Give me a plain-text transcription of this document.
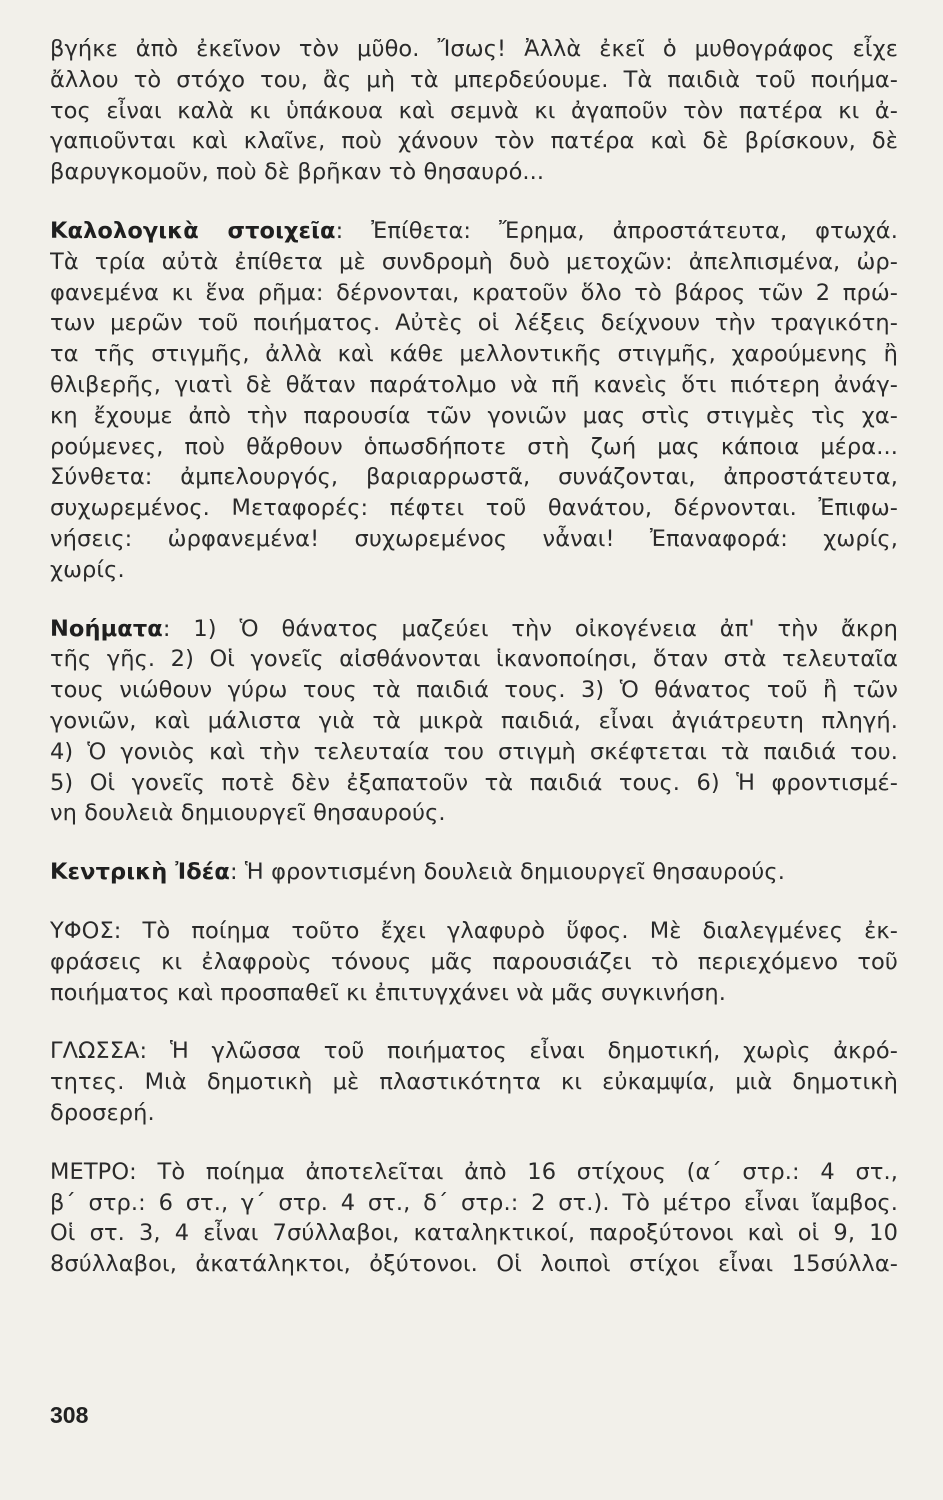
βγήκε ἀπὸ ἐκεῖνον τὸν μῦθο. Ἴσως! Ἀλλὰ ἐκεῖ ὁ μυθογράφος εἶχε
ἄλλου τὸ στόχο του, ἂς μὴ τὰ μπερδεύουμε. Τὰ παιδιὰ τοῦ ποιήμα-
τος εἶναι καλὰ κι ὑπάκουα καὶ σεμνὰ κι ἀγαποῦν τὸν πατέρα κι ἀ-
γαπιοῦνται καὶ κλαῖνε, ποὺ χάνουν τὸν πατέρα καὶ δὲ βρίσκουν, δὲ
βαρυγκομοῦν, ποὺ δὲ βρῆκαν τὸ θησαυρό...
Καλολογικὰ στοιχεῖα: Ἐπίθετα: Ἔρημα, ἀπροστάτευτα, φτωχά.
Τὰ τρία αὐτὰ ἐπίθετα μὲ συνδρομὴ δυὸ μετοχῶν: ἀπελπισμένα, ὠρ-
φανεμένα κι ἕνα ρῆμα: δέρνονται, κρατοῦν ὅλο τὸ βάρος τῶν 2 πρώ-
των μερῶν τοῦ ποιήματος. Αὐτὲς οἱ λέξεις δείχνουν τὴν τραγικότη-
τα τῆς στιγμῆς, ἀλλὰ καὶ κάθε μελλοντικῆς στιγμῆς, χαρούμενης ἢ
θλιβερῆς, γιατὶ δὲ θἄταν παράτολμο νὰ πῆ κανεὶς ὅτι πιότερη ἀνάγ-
κη ἔχουμε ἀπὸ τὴν παρουσία τῶν γονιῶν μας στὶς στιγμὲς τὶς χα-
ρούμενες, ποὺ θἄρθουν ὁπωσδήποτε στὴ ζωή μας κάποια μέρα...
Σύνθετα: ἀμπελουργός, βαριαρρωστᾶ, συνάζονται, ἀπροστάτευτα,
συχωρεμένος. Μεταφορές: πέφτει τοῦ θανάτου, δέρνονται. Ἐπιφω-
νήσεις: ὠρφανεμένα! συχωρεμένος νἆναι! Ἐπαναφορά: χωρίς,
χωρίς.
Νοήματα: 1) Ὁ θάνατος μαζεύει τὴν οἰκογένεια ἀπ' τὴν ἄκρη
τῆς γῆς. 2) Οἱ γονεῖς αἰσθάνονται ἱκανοποίησι, ὅταν στὰ τελευταῖα
τους νιώθουν γύρω τους τὰ παιδιά τους. 3) Ὁ θάνατος τοῦ ἢ τῶν
γονιῶν, καὶ μάλιστα γιὰ τὰ μικρὰ παιδιά, εἶναι ἀγιάτρευτη πληγή.
4) Ὁ γονιὸς καὶ τὴν τελευταία του στιγμὴ σκέφτεται τὰ παιδιά του.
5) Οἱ γονεῖς ποτὲ δὲν ἐξαπατοῦν τὰ παιδιά τους. 6) Ἡ φροντισμέ-
νη δουλειὰ δημιουργεῖ θησαυρούς.
Κεντρικὴ Ἰδέα: Ἡ φροντισμένη δουλειὰ δημιουργεῖ θησαυρούς.
ΥΦΟΣ: Τὸ ποίημα τοῦτο ἔχει γλαφυρὸ ὕφος. Μὲ διαλεγμένες ἐκ-
φράσεις κι ἐλαφροὺς τόνους μᾶς παρουσιάζει τὸ περιεχόμενο τοῦ
ποιήματος καὶ προσπαθεῖ κι ἐπιτυγχάνει νὰ μᾶς συγκινήση.
ΓΛΩΣΣΑ: Ἡ γλῶσσα τοῦ ποιήματος εἶναι δημοτική, χωρὶς ἀκρό-
τητες. Μιὰ δημοτικὴ μὲ πλαστικότητα κι εὐκαμψία, μιὰ δημοτικὴ
δροσερή.
ΜΕΤΡΟ: Τὸ ποίημα ἀποτελεῖται ἀπὸ 16 στίχους (α΄ στρ.: 4 στ.,
β΄ στρ.: 6 στ., γ΄ στρ. 4 στ., δ΄ στρ.: 2 στ.). Τὸ μέτρο εἶναι ἴαμβος.
Οἱ στ. 3, 4 εἶναι 7σύλλαβοι, καταληκτικοί, παροξύτονοι καὶ οἱ 9, 10
8σύλλαβοι, ἀκατάληκτοι, ὀξύτονοι. Οἱ λοιποὶ στίχοι εἶναι 15σύλλα-
308
